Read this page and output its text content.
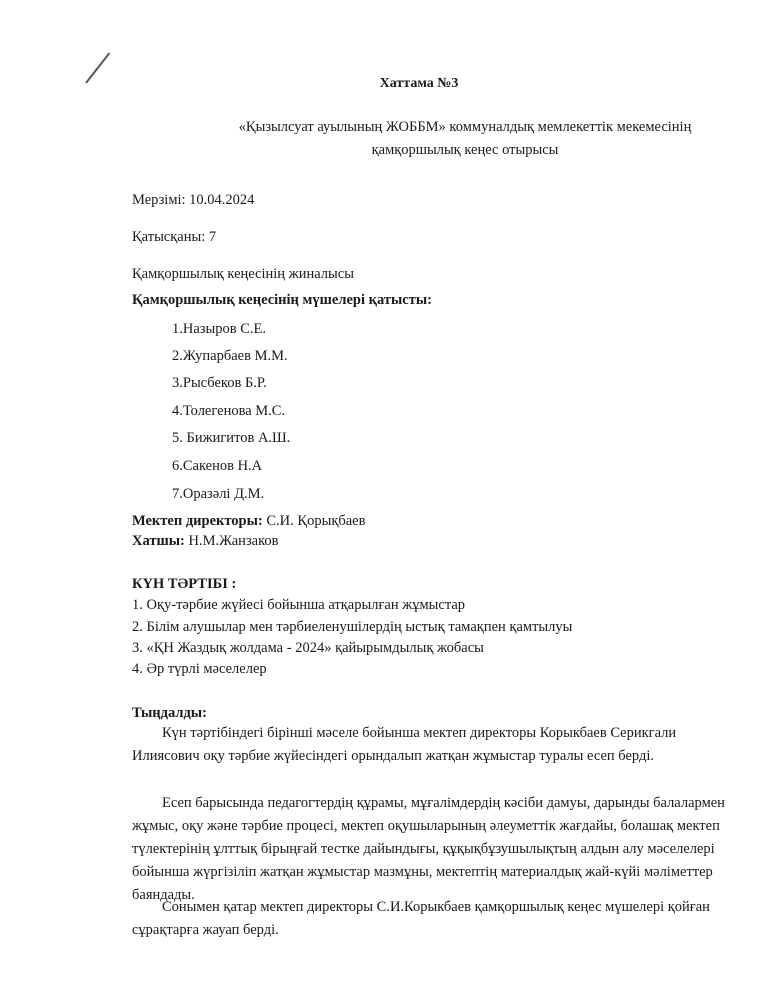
Хаттама №3
«Қызылсуат ауылының ЖОББМ» коммуналдық мемлекеттік мекемесінің қамқоршылық кеңес отырысы
Мерзімі: 10.04.2024
Қатысқаны: 7
Қамқоршылық кеңесінің жиналысы
Қамқоршылық кеңесінің мүшелері қатысты:
1.Назыров С.Е.
2.Жупарбаев М.М.
3.Рысбеков Б.Р.
4.Толегенова М.С.
5. Бижигитов А.Ш.
6.Сакенов Н.А
7.Оразәлі Д.М.
Мектеп директоры: С.И. Қорықбаев
Хатшы: Н.М.Жанзаков
КҮН ТӘРТІБІ :
1. Оқу-тәрбие жүйесі бойынша атқарылған жұмыстар
2. Білім алушылар мен тәрбиеленушілердің ыстық тамақпен қамтылуы
3. «ҚН Жаздық жолдама - 2024» қайырымдылық жобасы
4. Әр түрлі мәселелер
Тыңдалды:
Күн тәртібіндегі бірінші мәселе бойынша мектеп директоры Корыкбаев Серикгали Илиясович оқу тәрбие жүйесіндегі орындалып жатқан жұмыстар туралы есеп берді.
Есеп барысында педагогтердің құрамы, мұғалімдердің кәсіби дамуы, дарынды балалармен жұмыс, оқу және тәрбие процесі, мектеп оқушыларының әлеуметтік жағдайы, болашақ мектеп түлектерінің ұлттық бірыңғай тестке дайындығы, құқықбұзушылықтың алдын алу мәселелері бойынша жүргізіліп жатқан жұмыстар мазмұны, мектептің материалдық жай-күйі мәліметтер баяндады.
Сонымен қатар мектеп директоры С.И.Корыкбаев қамқоршылық кеңес мүшелері қойған сұрақтарға жауап берді.
